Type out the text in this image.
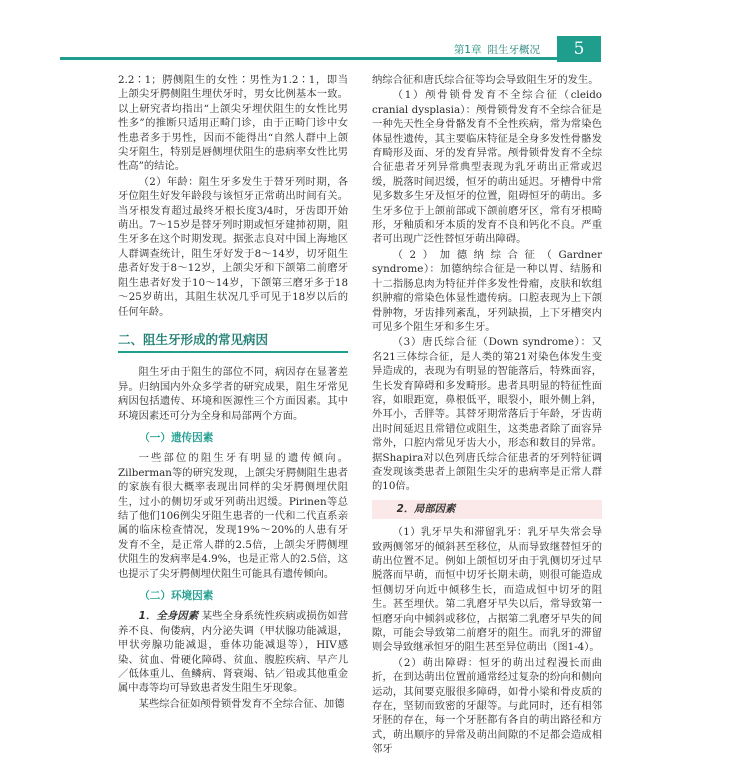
第1章 阻生牙概况	5

2.2∶1；腭侧阻生的女性∶男性为1.2∶1，即当上颌尖牙腭侧阻生埋伏牙时，男女比例基本一致。以上研究者均指出“上颌尖牙埋伏阻生的女性比男性多”的推断只适用正畸门诊，由于正畸门诊中女性患者多于男性，因而不能得出“自然人群中上颌尖牙阻生，特别是唇侧埋伏阻生的患病率女性比男性高”的结论。

（2）年龄：阻生牙多发生于替牙列时期，各牙位阻生好发年龄段与该恒牙正常萌出时间有关。当牙根发育超过最终牙根长度3/4时，牙齿即开始萌出。7～15岁是替牙列时期或恒牙建㧊初期，阻生牙多在这个时期发现。据张志良对中国上海地区人群调查统计，阻生牙好发于8～14岁，切牙阻生患者好发于8～12岁，上颌尖牙和下颌第二前磨牙阻生患者好发于10～14岁，下颌第三磨牙多于18～25岁萌出，其阻生状况几乎可见于18岁以后的任何年龄。

二、阻生牙形成的常见病因

阻生牙由于阻生的部位不同，病因存在显著差异。归纳国内外众多学者的研究成果，阻生牙常见病因包括遗传、环境和医源性三个方面因素。其中环境因素还可分为全身和局部两个方面。

（一）遗传因素

一些部位的阻生牙有明显的遗传倾向。Zilberman等的研究发现，上颌尖牙腭侧阻生患者的家族有很大概率表现出同样的尖牙腭侧埋伏阻生，过小的侧切牙或牙列萌出迟缓。Pirinen等总结了他们106例尖牙阻生患者的一代和二代直系亲属的临床检查情况，发现19%～20%的人患有牙发育不全，是正常人群的2.5倍，上颌尖牙腭侧埋伏阻生的发病率是4.9%，也是正常人的2.5倍，这也提示了尖牙腭侧埋伏阻生可能具有遗传倾向。

（二）环境因素

1．全身因素 某些全身系统性疾病或损伤如营养不良、佝偻病，内分泌失调（甲状腺功能减退，甲状旁腺功能减退，垂体功能减退等），HIV感染、贫血、骨硬化障碍、贫血、腹腔疾病、早产儿／低体重儿、鱼鳞病、肾衰竭、钴／铅或其他重金属中毒等均可导致患者发生阻生牙现象。

某些综合征如颅骨锁骨发育不全综合征、加德

纳综合征和唐氏综合征等均会导致阻生牙的发生。

（1）颅骨锁骨发育不全综合征（cleido cranial dysplasia）：颅骨锁骨发育不全综合征是一种先天性全身骨骼发育不全性疾病，常为常染色体显性遗传，其主要临床特征是全身多发性骨骼发育畸形及面、牙的发育异常。颅骨锁骨发育不全综合征患者牙列异常典型表现为乳牙萌出正常或迟缓，脱落时间迟缓，恒牙的萌出延迟。牙槽骨中常见多数多生牙及恒牙的位置，阻碍恒牙的萌出。多生牙多位于上颌前部或下颌前磨牙区，常有牙根畸形，牙釉质和牙本质的发育不良和钙化不良。严重者可出现广泛性替恒牙萌出障碍。

（2）加德纳综合征（Gardner syndrome）：加德纳综合征是一种以胃、结肠和十二指肠息肉为特征并伴多发性骨瘤，皮肤和软组织肿瘤的常染色体显性遗传病。口腔表现为上下颌骨肿物，牙齿排列紊乱，牙列缺损，上下牙槽突内可见多个阻生牙和多生牙。

（3）唐氏综合征（Down syndrome）：又名21三体综合征，是人类的第21对染色体发生变异造成的，表现为有明显的智能落后，特殊面容，生长发育障碍和多发畸形。患者具明显的特征性面容，如眼距宽，鼻根低平，眼裂小，眼外侧上斜，外耳小，舌胖等。其替牙期常落后于年龄，牙齿萌出时间延迟且常错位或阻生，这类患者除了面容异常外，口腔内常见牙齿大小，形态和数目的异常。据Shapira对以色列唐氏综合征患者的牙列特征调查发现该类患者上颌阻生尖牙的患病率是正常人群的10倍。

2．局部因素

（1）乳牙早失和滞留乳牙：乳牙早失常会导致两侧邻牙的倾斜甚至移位，从而导致继替恒牙的萌出位置不足。例如上颌恒切牙由于乳侧切牙过早脱落而早萌，而恒中切牙长期未萌，则很可能造成恒侧切牙向近中倾移生长，而造成恒中切牙的阻生。甚至埋伏。第二乳磨牙早失以后，常导致第一恒磨牙向中倾斜或移位，占据第二乳磨牙早失的间隙，可能会导致第二前磨牙的阻生。而乳牙的滞留则会导致继承恒牙的阻生甚至异位萌出（图1-4）。

（2）萌出障碍：恒牙的萌出过程漫长而曲折，在到达萌出位置前通常经过复杂的纷向和侧向运动，其间要克服很多障碍，如骨小梁和骨皮质的存在，坚韧而致密的牙龈等。与此同时，还有相邻牙胚的存在，每一个牙胚都有各自的萌出路径和方式，萌出顺序的异常及萌出间隙的不足都会造成相邻牙
